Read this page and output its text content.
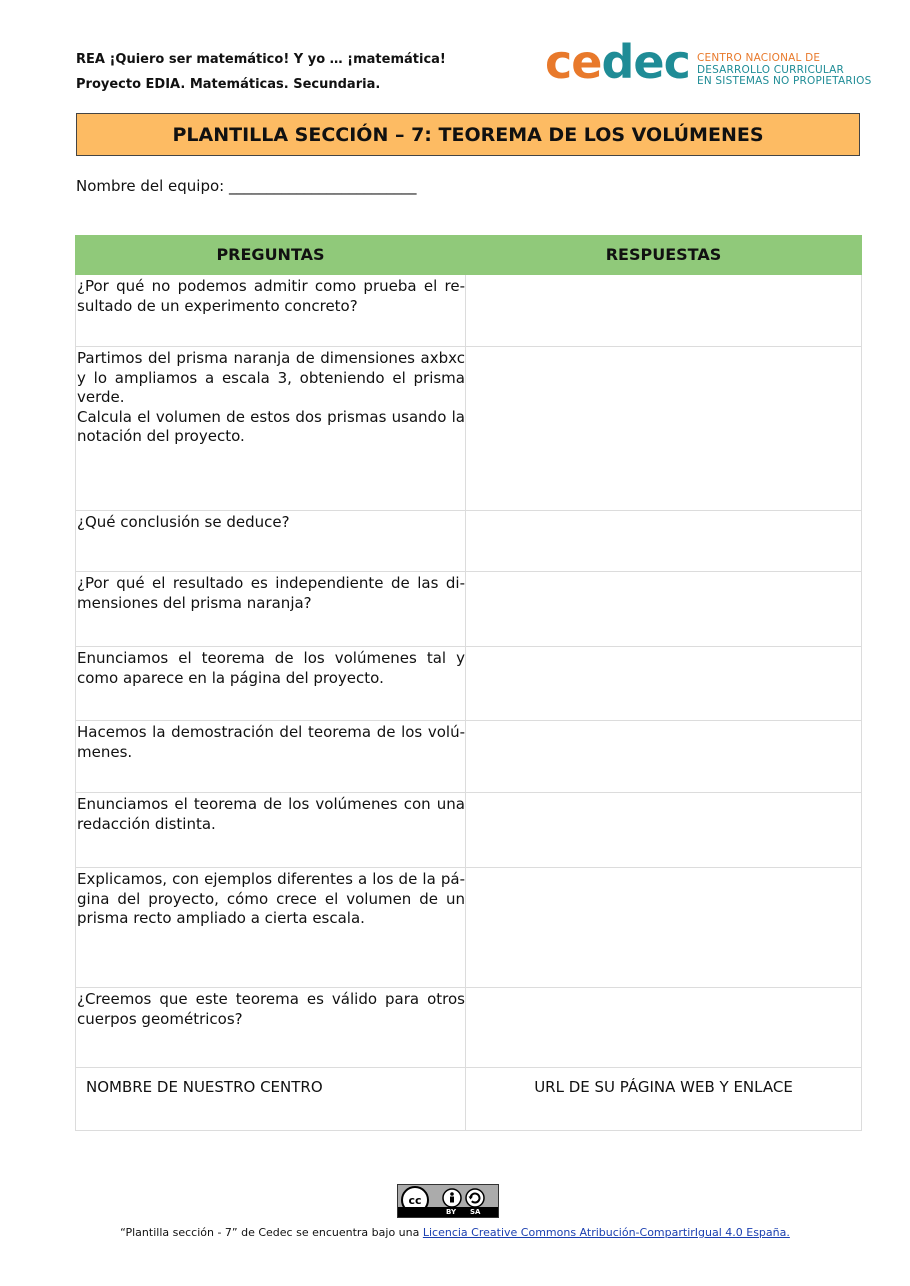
REA ¡Quiero ser matemático! Y yo … ¡matemática!
Proyecto EDIA. Matemáticas. Secundaria.	cedec CENTRO NACIONAL DE
DESARROLLO CURRICULAR
EN SISTEMAS NO PROPIETARIOS
PLANTILLA SECCIÓN – 7: TEOREMA DE LOS VOLÚMENES
Nombre del equipo: _________________________
PREGUNTAS	RESPUESTAS
¿Por qué no podemos admitir como prueba el re-sultado de un experimento concreto?	

Partimos del prisma naranja de dimensiones axbxc y lo ampliamos a escala 3, obteniendo el prisma verde.
Calcula el volumen de estos dos prismas usando la notación del proyecto.	

¿Qué conclusión se deduce?	
¿Por qué el resultado es independiente de las di-mensiones del prisma naranja?	
Enunciamos el teorema de los volúmenes tal y como aparece en la página del proyecto.	
Hacemos la demostración del teorema de los volú-menes.	
Enunciamos el teorema de los volúmenes con una redacción distinta.	
Explicamos, con ejemplos diferentes a los de la pá-gina del proyecto, cómo crece el volumen de un prisma recto ampliado a cierta escala.	
¿Creemos que este teorema es válido para otros cuerpos geométricos?	
NOMBRE DE NUESTRO CENTRO	URL DE SU PÁGINA WEB Y ENLACE
cc
BY SA
“Plantilla sección - 7” de Cedec se encuentra bajo una Licencia Creative Commons Atribución-CompartirIgual 4.0 España.
